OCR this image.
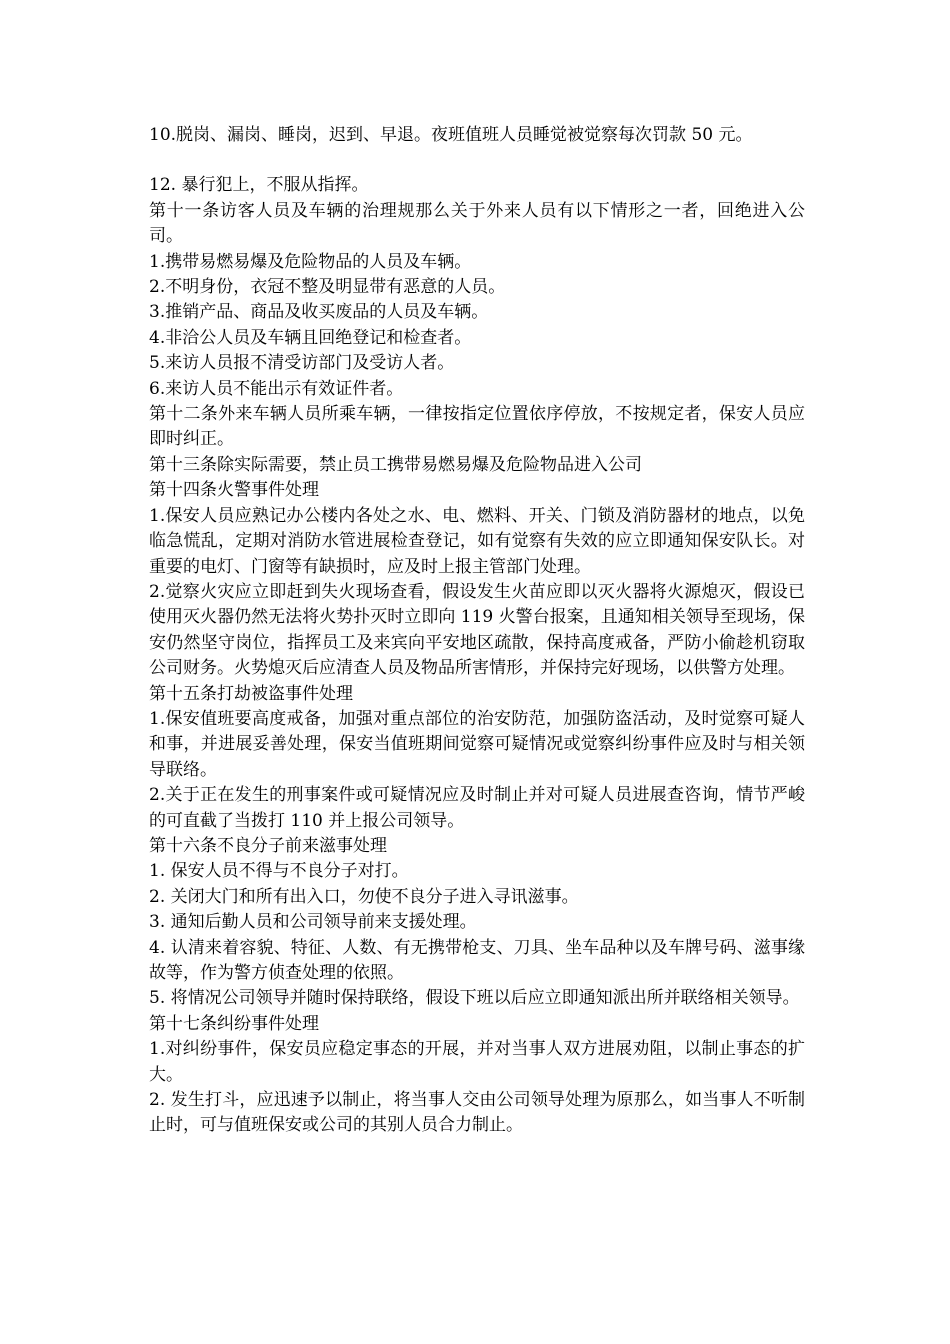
10.脱岗、漏岗、睡岗，迟到、早退。夜班值班人员睡觉被觉察每次罚款 50 元。

12. 暴行犯上，不服从指挥。

第十一条访客人员及车辆的治理规那么关于外来人员有以下情形之一者，回绝进入公司。

1.携带易燃易爆及危险物品的人员及车辆。

2.不明身份，衣冠不整及明显带有恶意的人员。

3.推销产品、商品及收买废品的人员及车辆。

4.非洽公人员及车辆且回绝登记和检查者。

5.来访人员报不清受访部门及受访人者。

6.来访人员不能出示有效证件者。

第十二条外来车辆人员所乘车辆，一律按指定位置依序停放，不按规定者，保安人员应即时纠正。

第十三条除实际需要，禁止员工携带易燃易爆及危险物品进入公司

第十四条火警事件处理

1.保安人员应熟记办公楼内各处之水、电、燃料、开关、门锁及消防器材的地点，以免临急慌乱，定期对消防水管进展检查登记，如有觉察有失效的应立即通知保安队长。对重要的电灯、门窗等有缺损时，应及时上报主管部门处理。

2.觉察火灾应立即赶到失火现场查看，假设发生火苗应即以灭火器将火源熄灭，假设已使用灭火器仍然无法将火势扑灭时立即向 119 火警台报案，且通知相关领导至现场，保安仍然坚守岗位，指挥员工及来宾向平安地区疏散，保持高度戒备，严防小偷趁机窃取公司财务。火势熄灭后应清查人员及物品所害情形，并保持完好现场，以供警方处理。

第十五条打劫被盗事件处理

1.保安值班要高度戒备，加强对重点部位的治安防范，加强防盗活动，及时觉察可疑人和事，并进展妥善处理，保安当值班期间觉察可疑情况或觉察纠纷事件应及时与相关领导联络。

2.关于正在发生的刑事案件或可疑情况应及时制止并对可疑人员进展查咨询，情节严峻的可直截了当拨打 110 并上报公司领导。

第十六条不良分子前来滋事处理

1. 保安人员不得与不良分子对打。

2. 关闭大门和所有出入口，勿使不良分子进入寻讯滋事。

3. 通知后勤人员和公司领导前来支援处理。

4. 认清来着容貌、特征、人数、有无携带枪支、刀具、坐车品种以及车牌号码、滋事缘故等，作为警方侦查处理的依照。

5. 将情况公司领导并随时保持联络，假设下班以后应立即通知派出所并联络相关领导。

第十七条纠纷事件处理

1.对纠纷事件，保安员应稳定事态的开展，并对当事人双方进展劝阻，以制止事态的扩大。

2. 发生打斗，应迅速予以制止，将当事人交由公司领导处理为原那么，如当事人不听制止时，可与值班保安或公司的其别人员合力制止。
